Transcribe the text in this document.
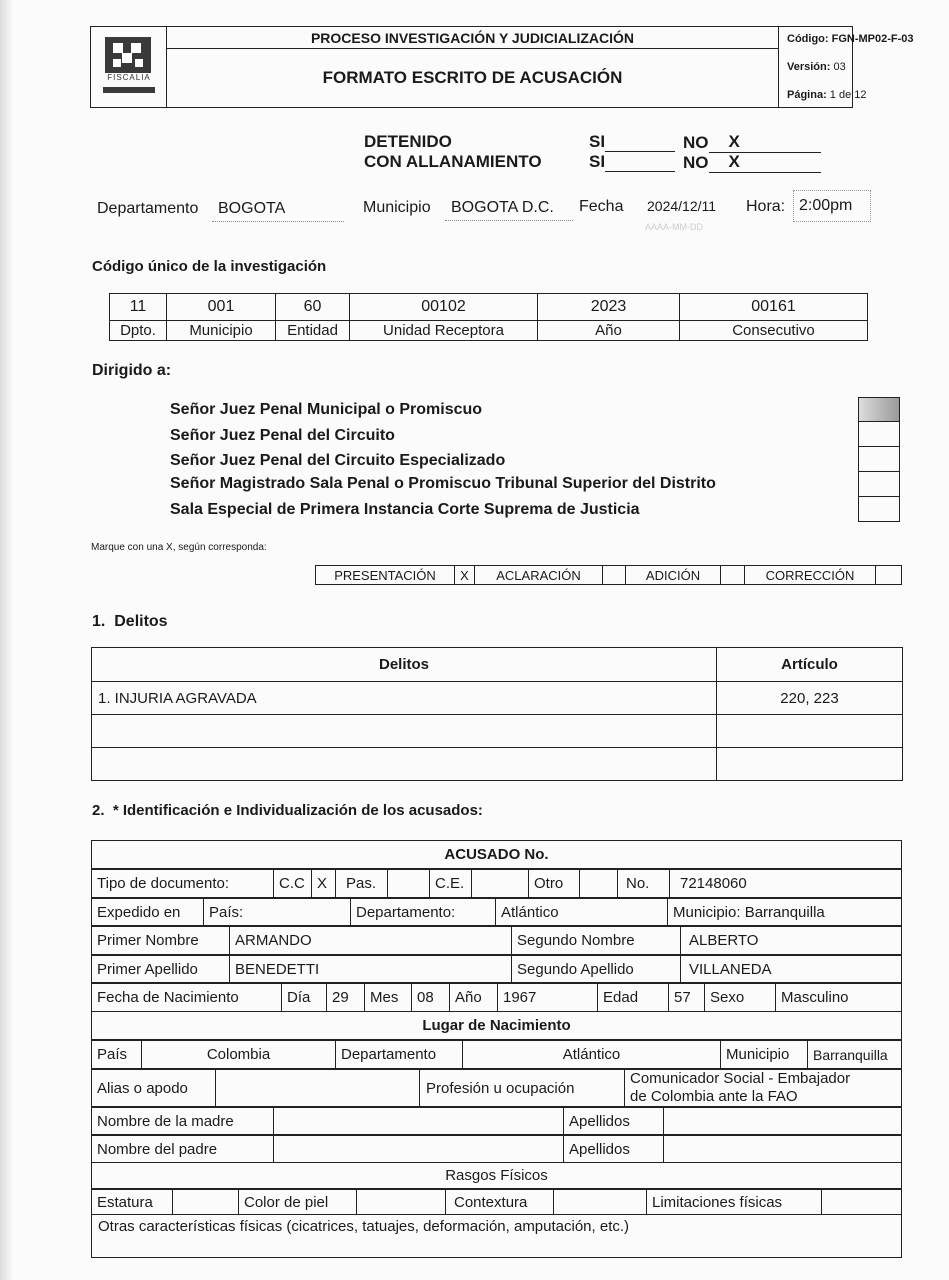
FISCALIA
PROCESO INVESTIGACIÓN Y JUDICIALIZACIÓN
FORMATO ESCRITO DE ACUSACIÓN
Código: FGN-MP02-F-03
Versión: 03
Página: 1 de 12
DETENIDO
CON ALLANAMIENTO
SI
SI
NO X
NO X
Departamento	BOGOTA	Municipio	BOGOTA D.C.	Fecha 2024/12/11
AAAA-MM-DD
Hora: 2:00pm
Código único de la investigación
11	001	60	00102	2023	00161
Dpto.	Municipio	Entidad	Unidad Receptora	Año	Consecutivo
Dirigido a:
Señor Juez Penal Municipal o Promiscuo
Señor Juez Penal del Circuito
Señor Juez Penal del Circuito Especializado
Señor Magistrado Sala Penal o Promiscuo Tribunal Superior del Distrito
Sala Especial de Primera Instancia Corte Suprema de Justicia
Marque con una X, según corresponda:
PRESENTACIÓN	X	ACLARACIÓN		ADICIÓN		CORRECCIÓN	
1.  Delitos
Delitos	Artículo
1. INJURIA AGRAVADA	220, 223

2.  * Identificación e Individualización de los acusados:
ACUSADO No.
Tipo de documento:	C.C	X	Pas.		C.E.		Otro		No.	72148060
Expedido en	País:	Departamento:	Atlántico	Municipio: Barranquilla
Primer Nombre	ARMANDO	Segundo Nombre	ALBERTO
Primer Apellido	BENEDETTI	Segundo Apellido	VILLANEDA
Fecha de Nacimiento	Día	29	Mes	08	Año	1967	Edad	57	Sexo	Masculino
Lugar de Nacimiento
País	Colombia	Departamento	Atlántico	Municipio	Barranquilla
Alias o apodo		Profesión u ocupación	
Comunicador Social - Embajador
de Colombia ante la FAO
Nombre de la madre		Apellidos	
Nombre del padre		Apellidos	
Rasgos Físicos
Estatura		Color de piel		Contextura		Limitaciones físicas	
Otras características físicas (cicatrices, tatuajes, deformación, amputación, etc.)
